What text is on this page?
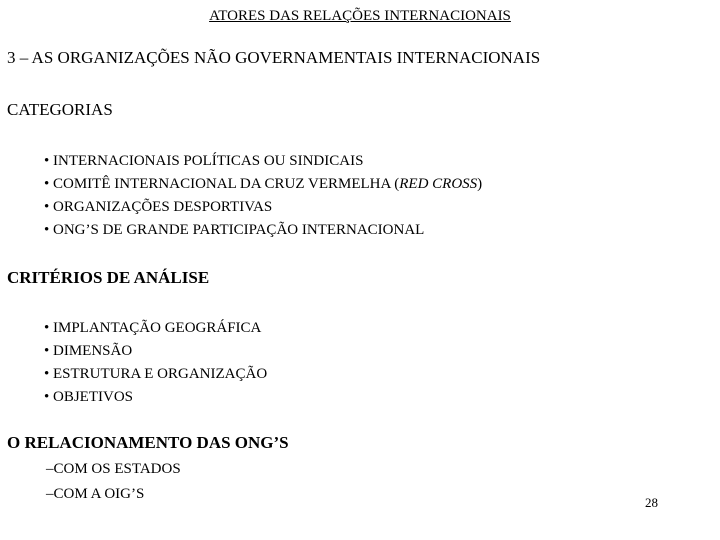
ATORES DAS RELAÇÕES INTERNACIONAIS
3 – AS ORGANIZAÇÕES NÃO GOVERNAMENTAIS INTERNACIONAIS
CATEGORIAS
• INTERNACIONAIS POLÍTICAS OU SINDICAIS
• COMITÊ INTERNACIONAL DA CRUZ VERMELHA (RED CROSS)
• ORGANIZAÇÕES DESPORTIVAS
• ONG’S DE GRANDE PARTICIPAÇÃO INTERNACIONAL
CRITÉRIOS DE ANÁLISE
• IMPLANTAÇÃO GEOGRÁFICA
• DIMENSÃO
• ESTRUTURA E ORGANIZAÇÃO
• OBJETIVOS
O RELACIONAMENTO DAS ONG’S
–COM OS ESTADOS
–COM A OIG’S
28
